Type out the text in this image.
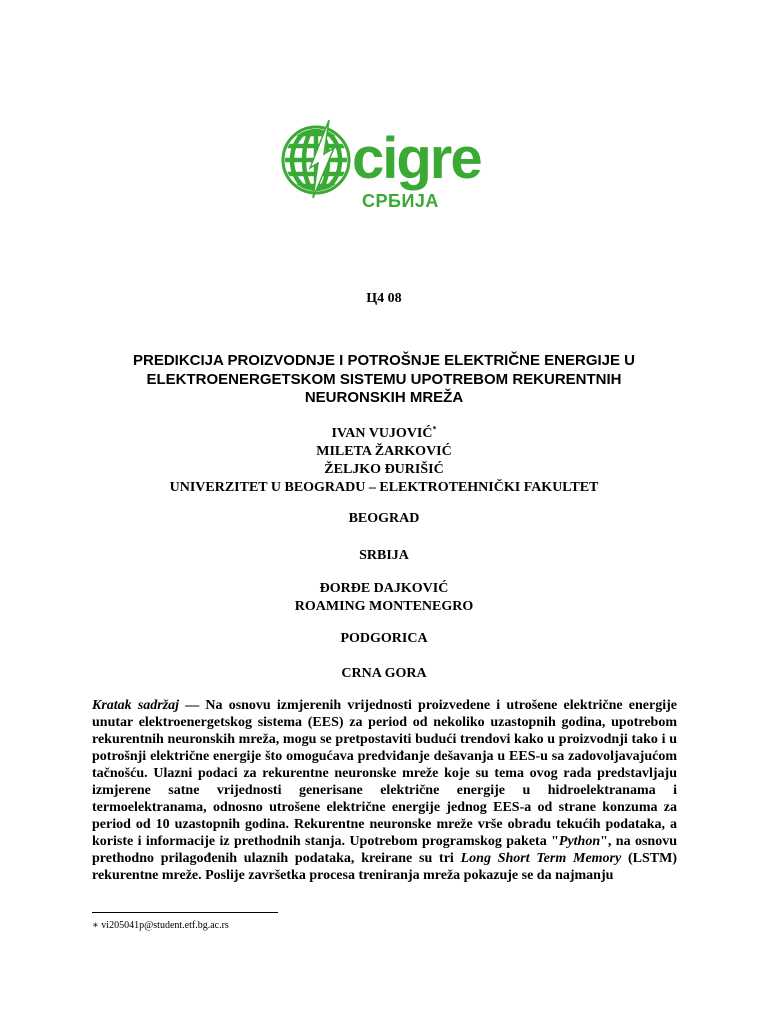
cigre
СРБИЈА
Ц4 08
PREDIKCIJA PROIZVODNJE I POTROŠNJE ELEKTRIČNE ENERGIJE U
ELEKTROENERGETSKOM SISTEMU UPOTREBOM REKURENTNIH
NEURONSKIH MREŽA
IVAN VUJOVIĆ*
MILETA ŽARKOVIĆ
ŽELJKO ĐURIŠIĆ
UNIVERZITET U BEOGRADU – ELEKTROTEHNIČKI FAKULTET
BEOGRAD
SRBIJA
ĐORĐE DAJKOVIĆ
ROAMING MONTENEGRO
PODGORICA
CRNA GORA

Kratak sadržaj — Na osnovu izmjerenih vrijednosti proizvedene i utrošene električne energije unutar elektroenergetskog sistema (EES) za period od nekoliko uzastopnih godina, upotrebom rekurentnih neuronskih mreža, mogu se pretpostaviti budući trendovi kako u proizvodnji tako i u potrošnji električne energije što omogućava predviđanje dešavanja u EES-u sa zadovoljavajućom tačnošću. Ulazni podaci za rekurentne neuronske mreže koje su tema ovog rada predstavljaju izmjerene satne vrijednosti generisane električne energije u hidroelektranama i termoelektranama, odnosno utrošene električne energije jednog EES-a od strane konzuma za period od 10 uzastopnih godina. Rekurentne neuronske mreže vrše obradu tekućih podataka, a koriste i informacije iz prethodnih stanja. Upotrebom programskog paketa "Python", na osnovu prethodno prilagođenih ulaznih podataka, kreirane su tri Long Short Term Memory (LSTM) rekurentne mreže. Poslije završetka procesa treniranja mreža pokazuje se da najmanju

∗ vi205041p@student.etf.bg.ac.rs
